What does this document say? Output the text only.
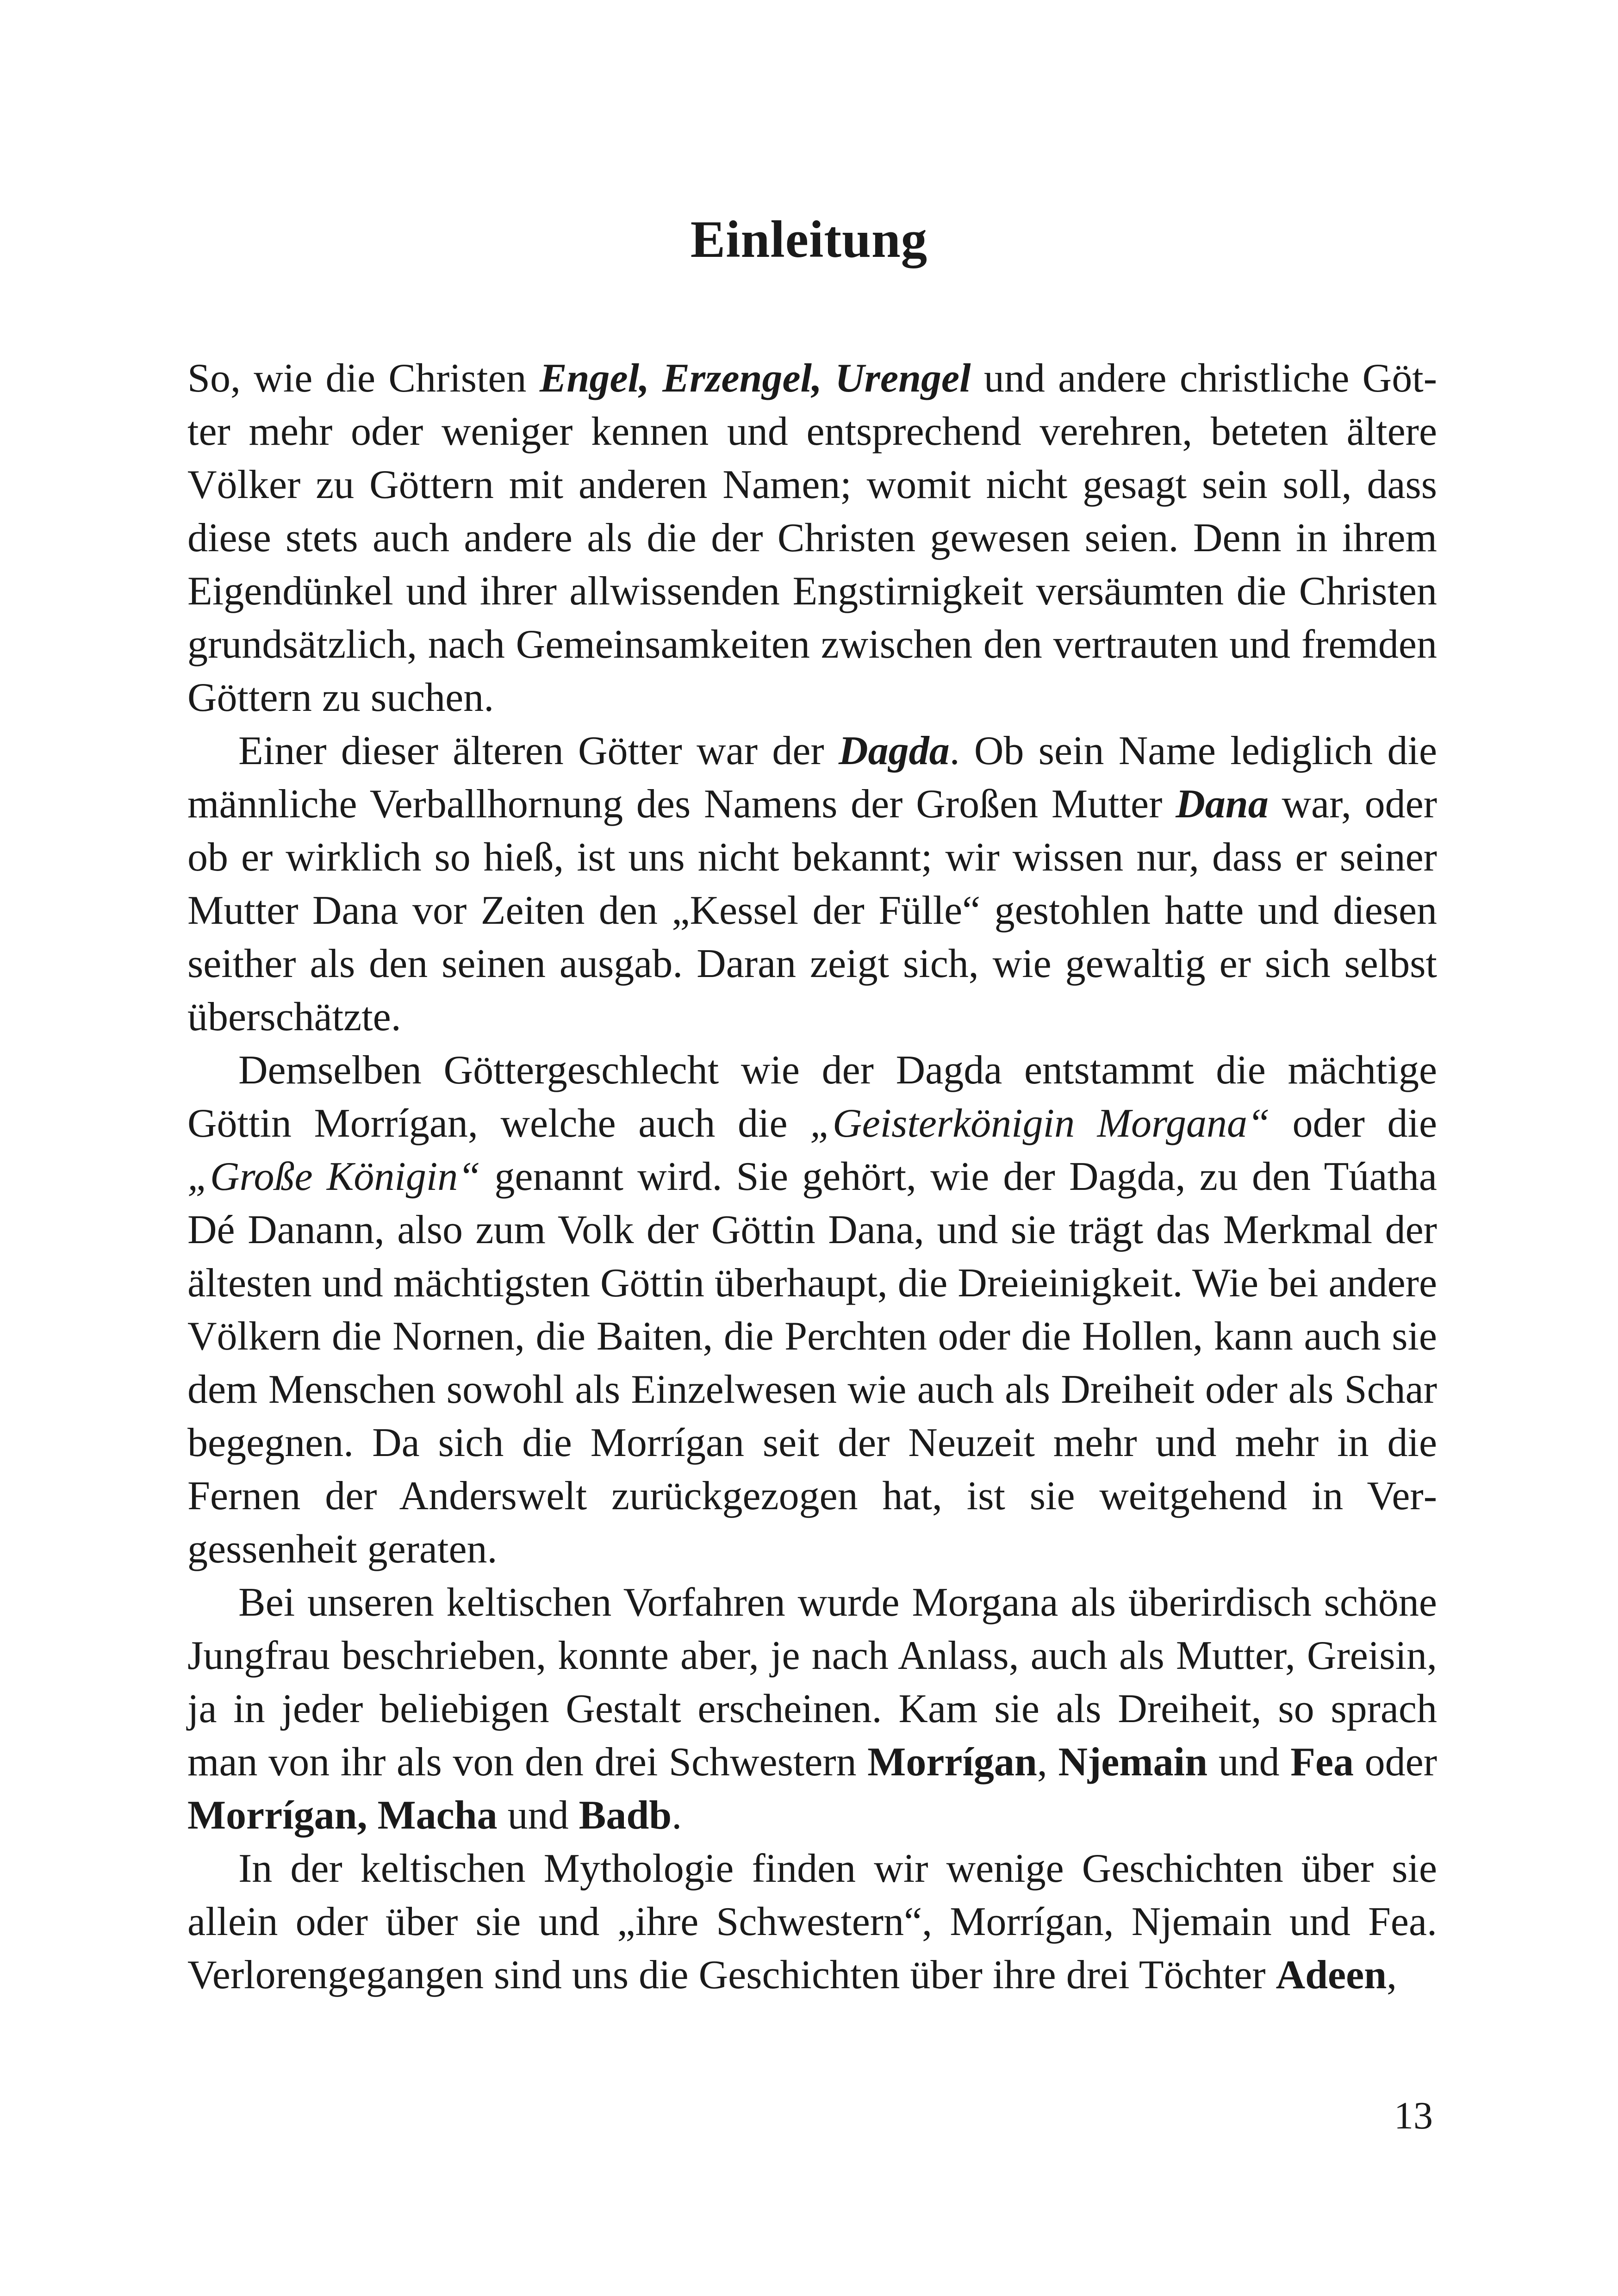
Einleitung

So, wie die Christen Engel, Erzengel, Urengel und andere christliche Götter mehr oder weniger kennen und entsprechend verehren, beteten ältere Völker zu Göttern mit anderen Namen; womit nicht gesagt sein soll, dass diese stets auch andere als die der Christen gewesen seien. Denn in ihrem Eigendünkel und ihrer allwissenden Engstirnigkeit versäumten die Christen grundsätzlich, nach Gemeinsamkeiten zwischen den vertrauten und fremden Göttern zu suchen.

Einer dieser älteren Götter war der Dagda. Ob sein Name lediglich die männliche Verballhornung des Namens der Großen Mutter Dana war, oder ob er wirklich so hieß, ist uns nicht bekannt; wir wissen nur, dass er seiner Mutter Dana vor Zeiten den „Kessel der Fülle“ gestohlen hatte und diesen seither als den seinen ausgab. Daran zeigt sich, wie gewaltig er sich selbst überschätzte.

Demselben Göttergeschlecht wie der Dagda entstammt die mächtige Göttin Morrígan, welche auch die „Geisterkönigin Morgana“ oder die „Große Königin“ genannt wird. Sie gehört, wie der Dagda, zu den Túatha Dé Danann, also zum Volk der Göttin Dana, und sie trägt das Merkmal der ältesten und mächtigsten Göttin überhaupt, die Dreieinigkeit. Wie bei andere Völkern die Nornen, die Baiten, die Perchten oder die Hollen, kann auch sie dem Menschen sowohl als Einzelwesen wie auch als Dreiheit oder als Schar begegnen. Da sich die Morrígan seit der Neuzeit mehr und mehr in die Fernen der Anderswelt zurückgezogen hat, ist sie weitgehend in Vergessenheit geraten.

Bei unseren keltischen Vorfahren wurde Morgana als überirdisch schöne Jungfrau beschrieben, konnte aber, je nach Anlass, auch als Mutter, Greisin, ja in jeder beliebigen Gestalt erscheinen. Kam sie als Dreiheit, so sprach man von ihr als von den drei Schwestern Morrígan, Njemain und Fea oder Morrígan, Macha und Badb.

In der keltischen Mythologie finden wir wenige Geschichten über sie allein oder über sie und „ihre Schwestern“, Morrígan, Njemain und Fea. Verlorengegangen sind uns die Geschichten über ihre drei Töchter Adeen,

13
